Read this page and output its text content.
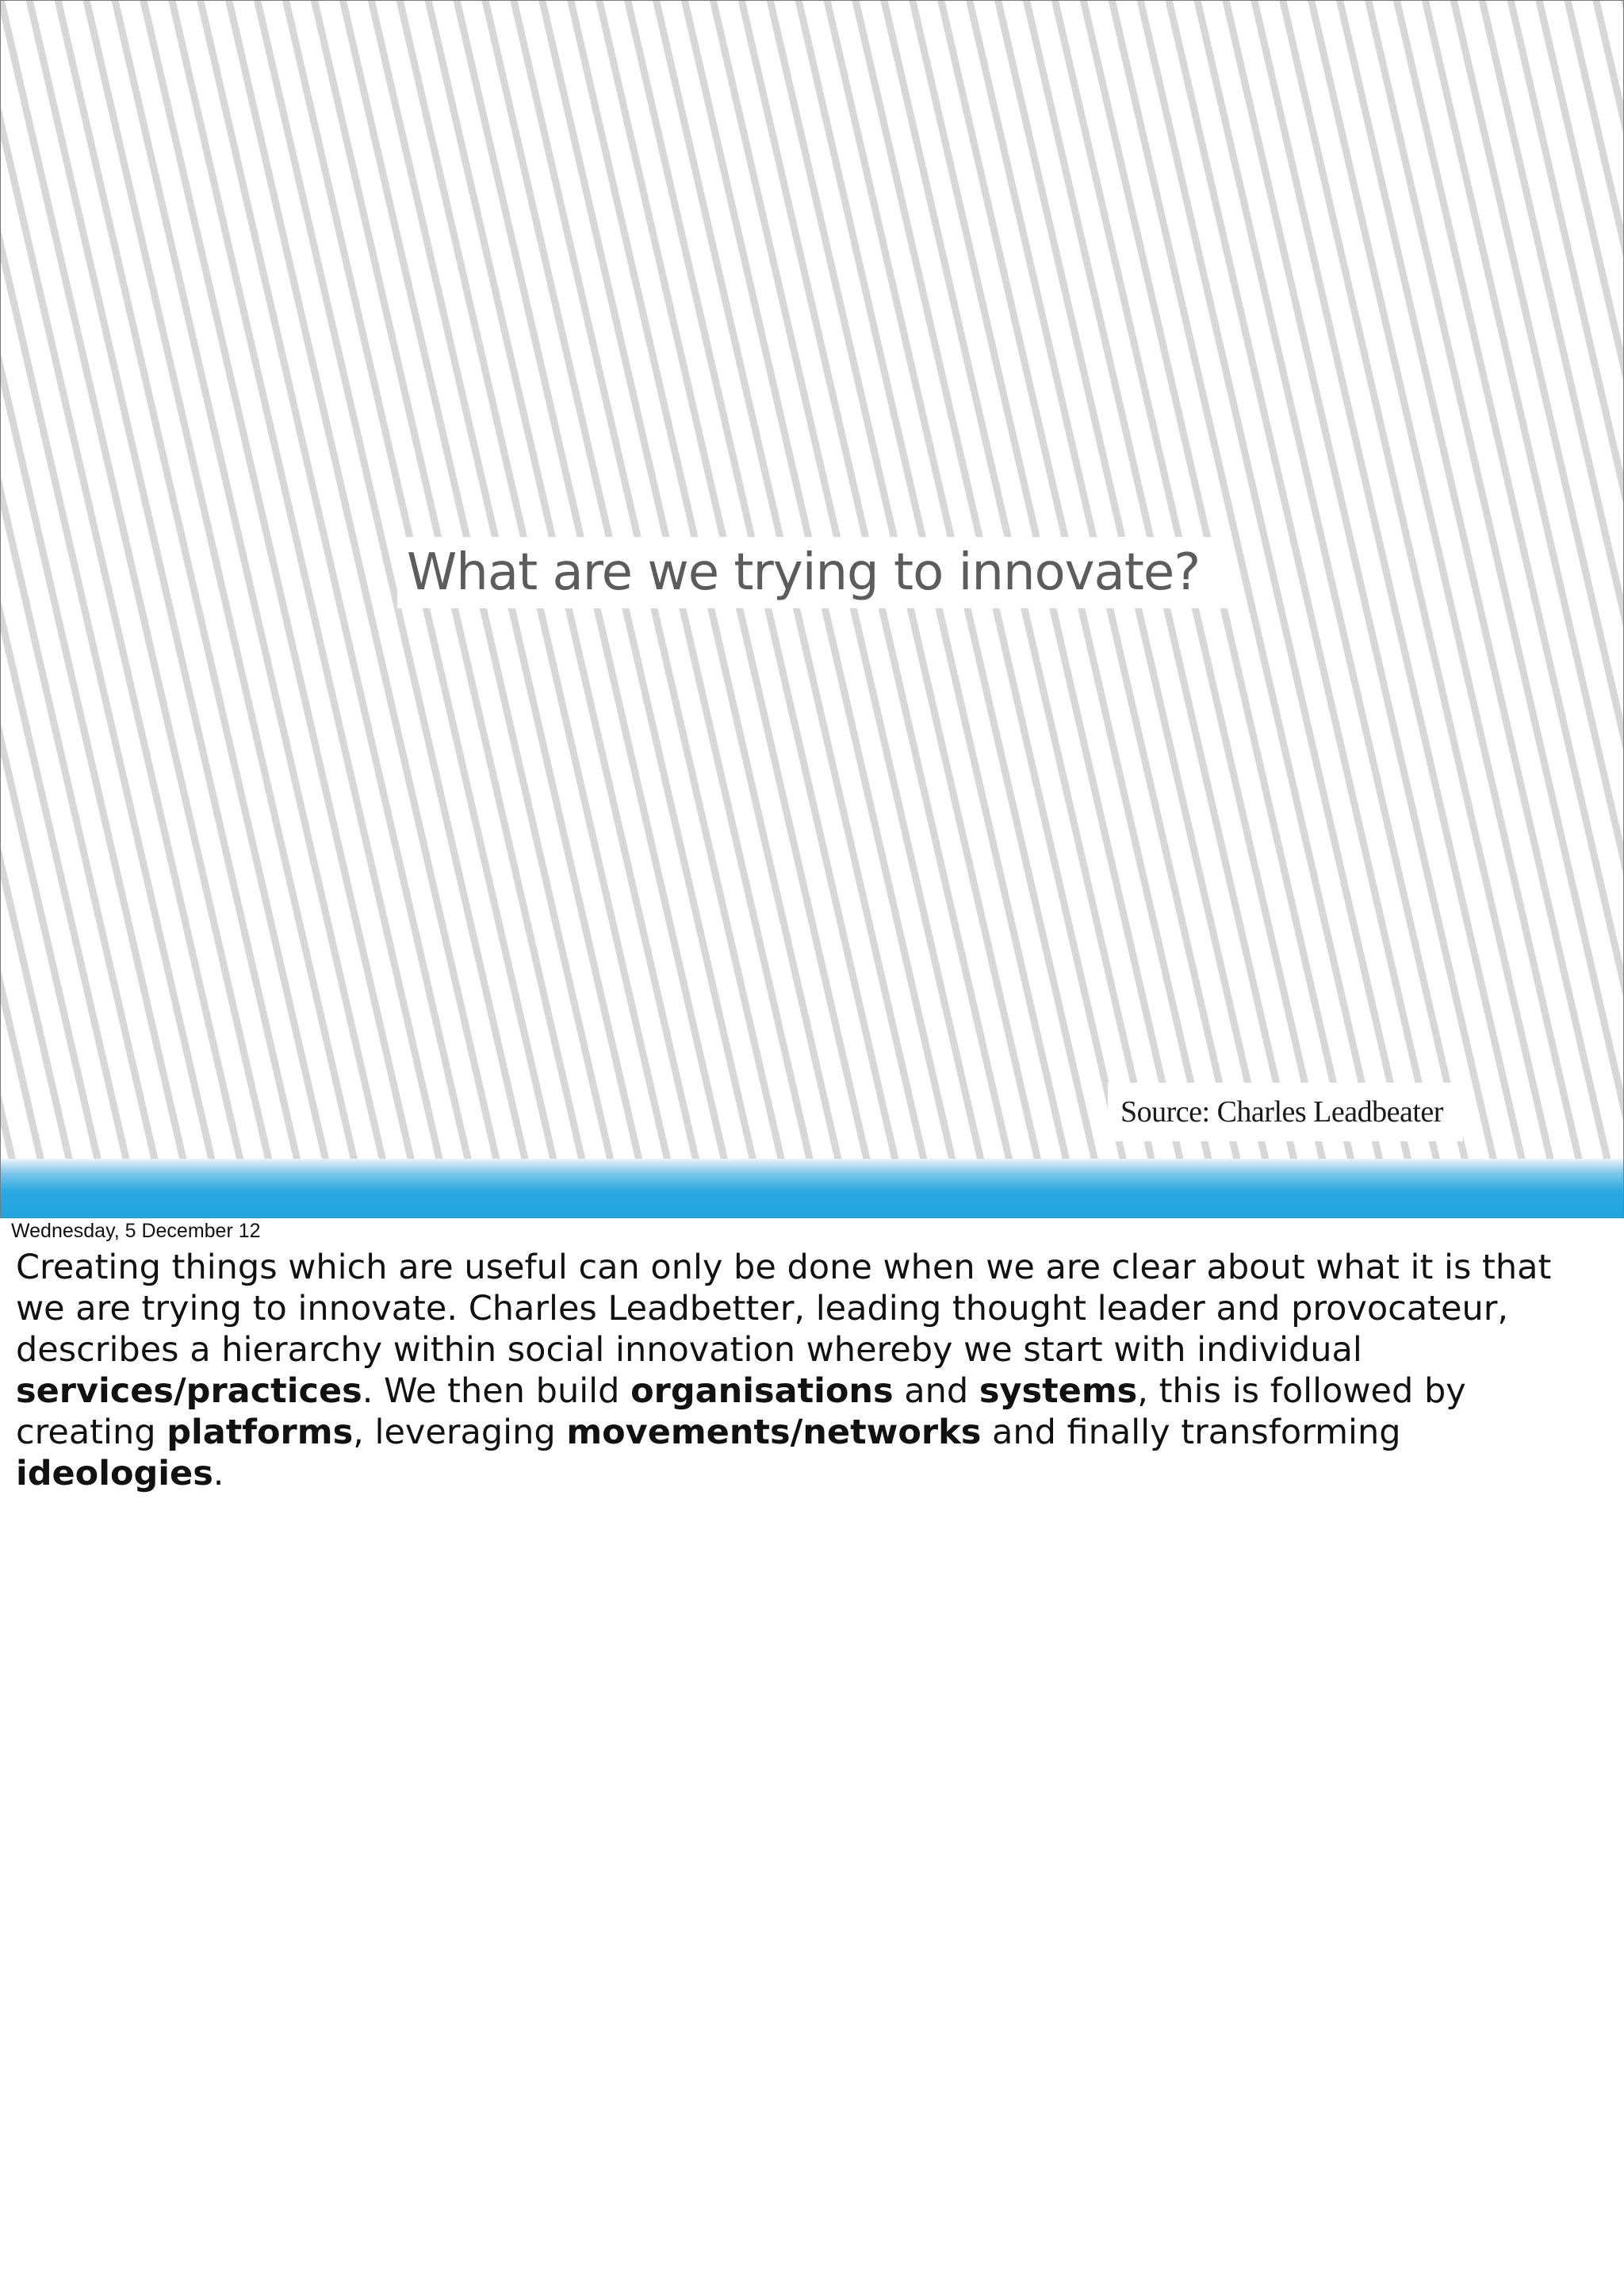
What are we trying to innovate?
Source: Charles Leadbeater
Wednesday, 5 December 12

Creating things which are useful can only be done when we are clear about what it is that we are trying to innovate. Charles Leadbetter, leading thought leader and provocateur, describes a hierarchy within social innovation whereby we start with individual services/practices. We then build organisations and systems, this is followed by creating platforms, leveraging movements/networks and finally transforming ideologies.
